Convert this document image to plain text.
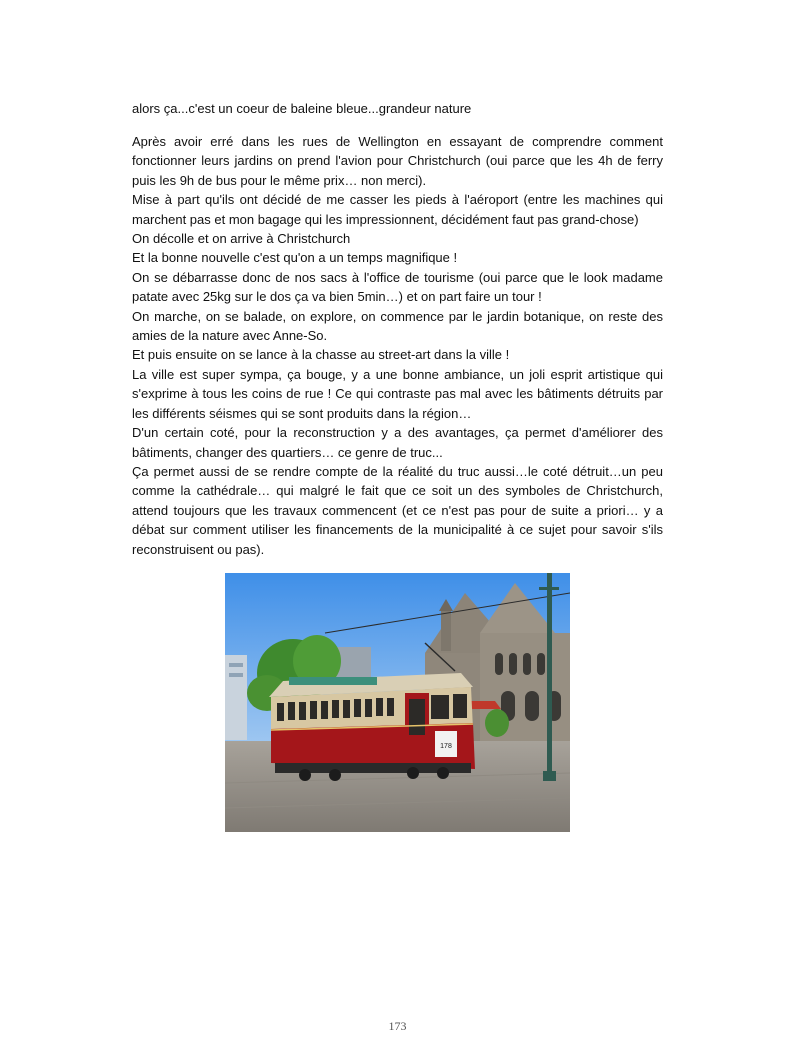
alors ça...c'est un coeur de baleine bleue...grandeur nature

Après avoir erré dans les rues de Wellington en essayant de comprendre comment fonctionner leurs jardins on prend l'avion pour Christchurch (oui parce que les 4h de ferry puis les 9h de bus pour le même prix… non merci).

Mise à part qu'ils ont décidé de me casser les pieds à l'aéroport (entre les machines qui marchent pas et mon bagage qui les impressionnent, décidément faut pas grand-chose)

On décolle et on arrive à Christchurch

Et la bonne nouvelle c'est qu'on a un temps magnifique !

On se débarrasse donc de nos sacs à l'office de tourisme (oui parce que le look madame patate avec 25kg sur le dos ça va bien 5min…) et on part faire un tour !

On marche, on se balade, on explore, on commence par le jardin botanique, on reste des amies de la nature avec Anne-So.

Et puis ensuite on se lance à la chasse au street-art dans la ville !

La ville est super sympa, ça bouge, y a une bonne ambiance, un joli esprit artistique qui s'exprime à tous les coins de rue ! Ce qui contraste pas mal avec les bâtiments détruits par les différents séismes qui se sont produits dans la région…

D'un certain coté, pour la reconstruction y a des avantages, ça permet d'améliorer des bâtiments, changer des quartiers… ce genre de truc...

Ça permet aussi de se rendre compte de la réalité du truc aussi…le coté détruit…un peu comme la cathédrale… qui malgré le fait que ce soit un des symboles de Christchurch, attend toujours que les travaux commencent (et ce n'est pas pour de suite a priori… y a débat sur comment utiliser les financements de la municipalité à ce sujet pour savoir s'ils reconstruisent ou pas).

178
173
